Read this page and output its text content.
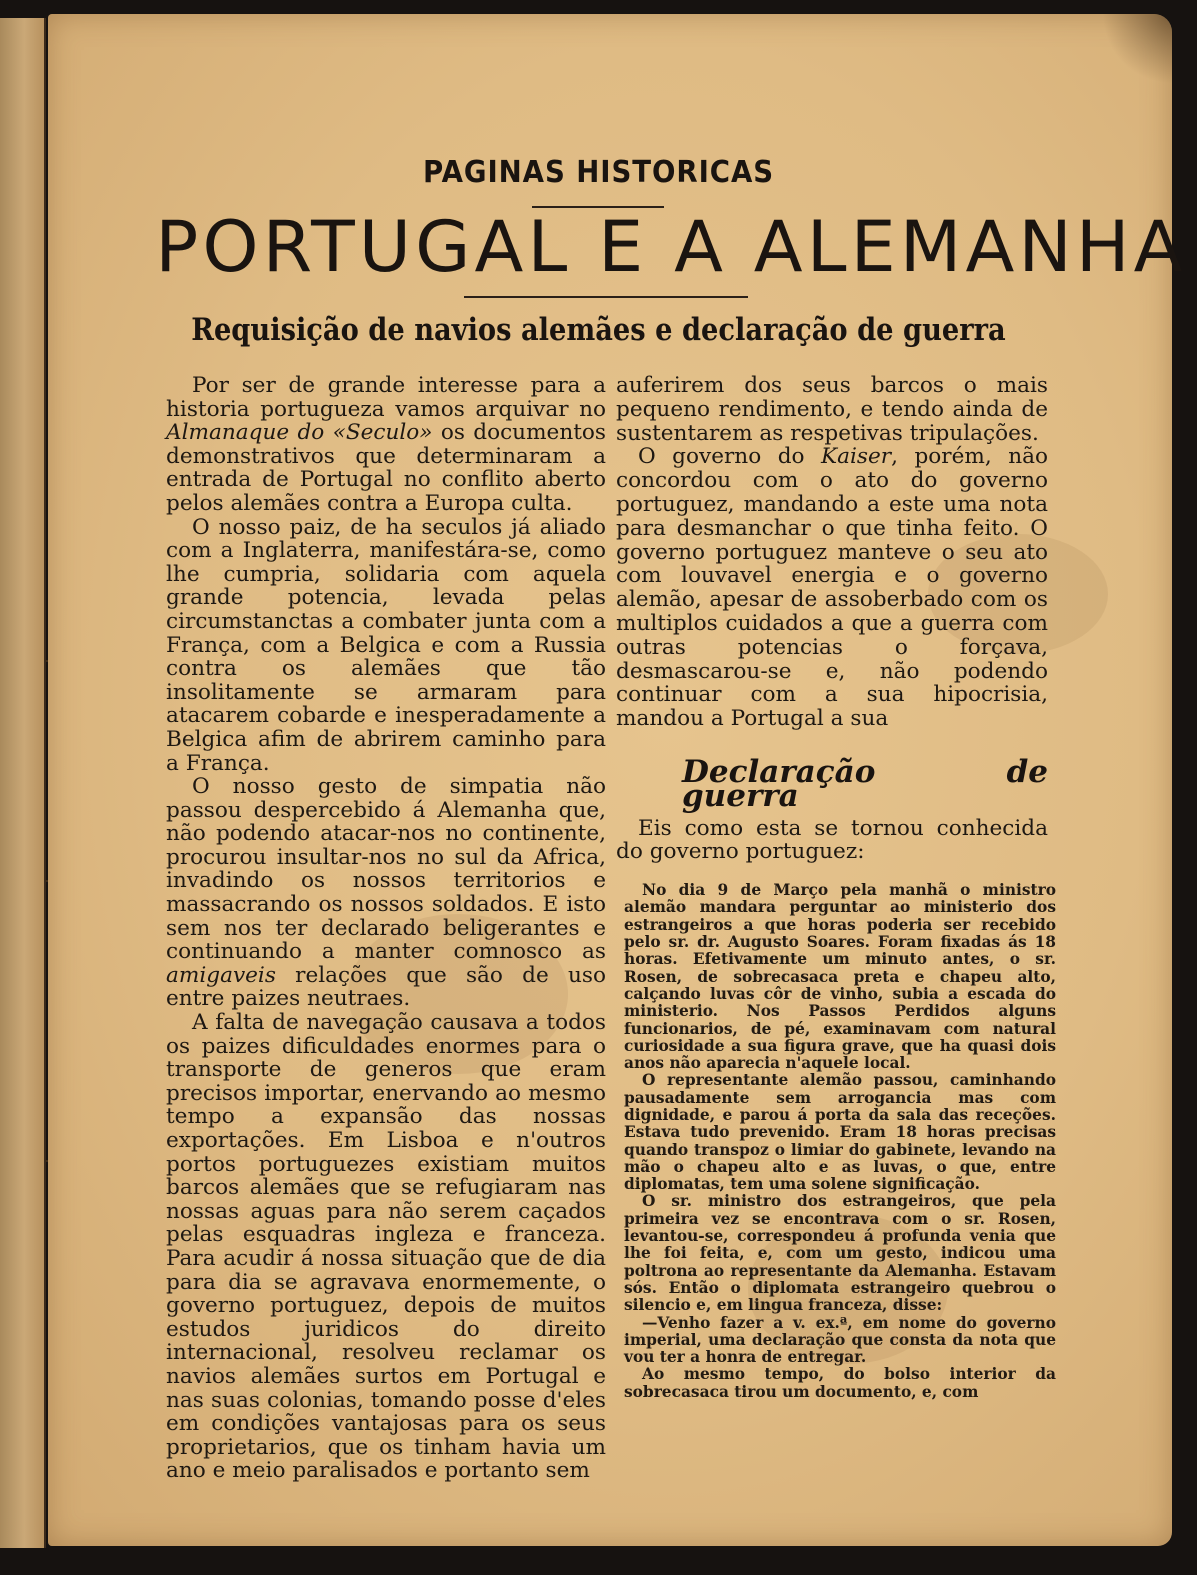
PAGINAS HISTORICAS
PORTUGAL E A ALEMANHA
Requisição de navios alemães e declaração de guerra

Por ser de grande interesse para a historia portugueza vamos arquivar no Almanaque do «Seculo» os documentos demonstrativos que determinaram a entrada de Portugal no conflito aberto pelos alemães contra a Europa culta.

O nosso paiz, de ha seculos já aliado com a Inglaterra, manifestára-se, como lhe cumpria, solidaria com aquela grande potencia, levada pelas circumstanctas a combater junta com a França, com a Belgica e com a Russia contra os alemães que tão insolitamente se armaram para atacarem cobarde e inesperadamente a Belgica afim de abrirem caminho para a França.

O nosso gesto de simpatia não passou despercebido á Alemanha que, não podendo atacar-nos no continente, procurou insultar-nos no sul da Africa, invadindo os nossos territorios e massacrando os nossos soldados. E isto sem nos ter declarado beligerantes e continuando a manter comnosco as amigaveis relações que são de uso entre paizes neutraes.

A falta de navegação causava a todos os paizes dificuldades enormes para o transporte de generos que eram precisos importar, enervando ao mesmo tempo a expansão das nossas exportações. Em Lisboa e n'outros portos portuguezes existiam muitos barcos alemães que se refugiaram nas nossas aguas para não serem caçados pelas esquadras ingleza e franceza. Para acudir á nossa situação que de dia para dia se agravava enormemente, o governo portuguez, depois de muitos estudos juridicos do direito internacional, resolveu reclamar os navios alemães surtos em Portugal e nas suas colonias, tomando posse d'eles em condições vantajosas para os seus proprietarios, que os tinham havia um ano e meio paralisados e portanto sem

auferirem dos seus barcos o mais pequeno rendimento, e tendo ainda de sustentarem as respetivas tripulações.

O governo do Kaiser, porém, não concordou com o ato do governo portuguez, mandando a este uma nota para desmanchar o que tinha feito. O governo portuguez manteve o seu ato com louvavel energia e o governo alemão, apesar de assoberbado com os multiplos cuidados a que a guerra com outras potencias o forçava, desmascarou-se e, não podendo continuar com a sua hipocrisia, mandou a Portugal a sua

Declaração de guerra

Eis como esta se tornou conhecida do governo portuguez:

No dia 9 de Março pela manhã o ministro alemão mandara perguntar ao ministerio dos estrangeiros a que horas poderia ser recebido pelo sr. dr. Augusto Soares. Foram fixadas ás 18 horas. Efetivamente um minuto antes, o sr. Rosen, de sobrecasaca preta e chapeu alto, calçando luvas côr de vinho, subia a escada do ministerio. Nos Passos Perdidos alguns funcionarios, de pé, examinavam com natural curiosidade a sua figura grave, que ha quasi dois anos não aparecia n'aquele local.

O representante alemão passou, caminhando pausadamente sem arrogancia mas com dignidade, e parou á porta da sala das receções. Estava tudo prevenido. Eram 18 horas precisas quando transpoz o limiar do gabinete, levando na mão o chapeu alto e as luvas, o que, entre diplomatas, tem uma solene significação.

O sr. ministro dos estrangeiros, que pela primeira vez se encontrava com o sr. Rosen, levantou-se, correspondeu á profunda venia que lhe foi feita, e, com um gesto, indicou uma poltrona ao representante da Alemanha. Estavam sós. Então o diplomata estrangeiro quebrou o silencio e, em lingua franceza, disse:

—Venho fazer a v. ex.ª, em nome do governo imperial, uma declaração que consta da nota que vou ter a honra de entregar.

Ao mesmo tempo, do bolso interior da sobrecasaca tirou um documento, e, com
